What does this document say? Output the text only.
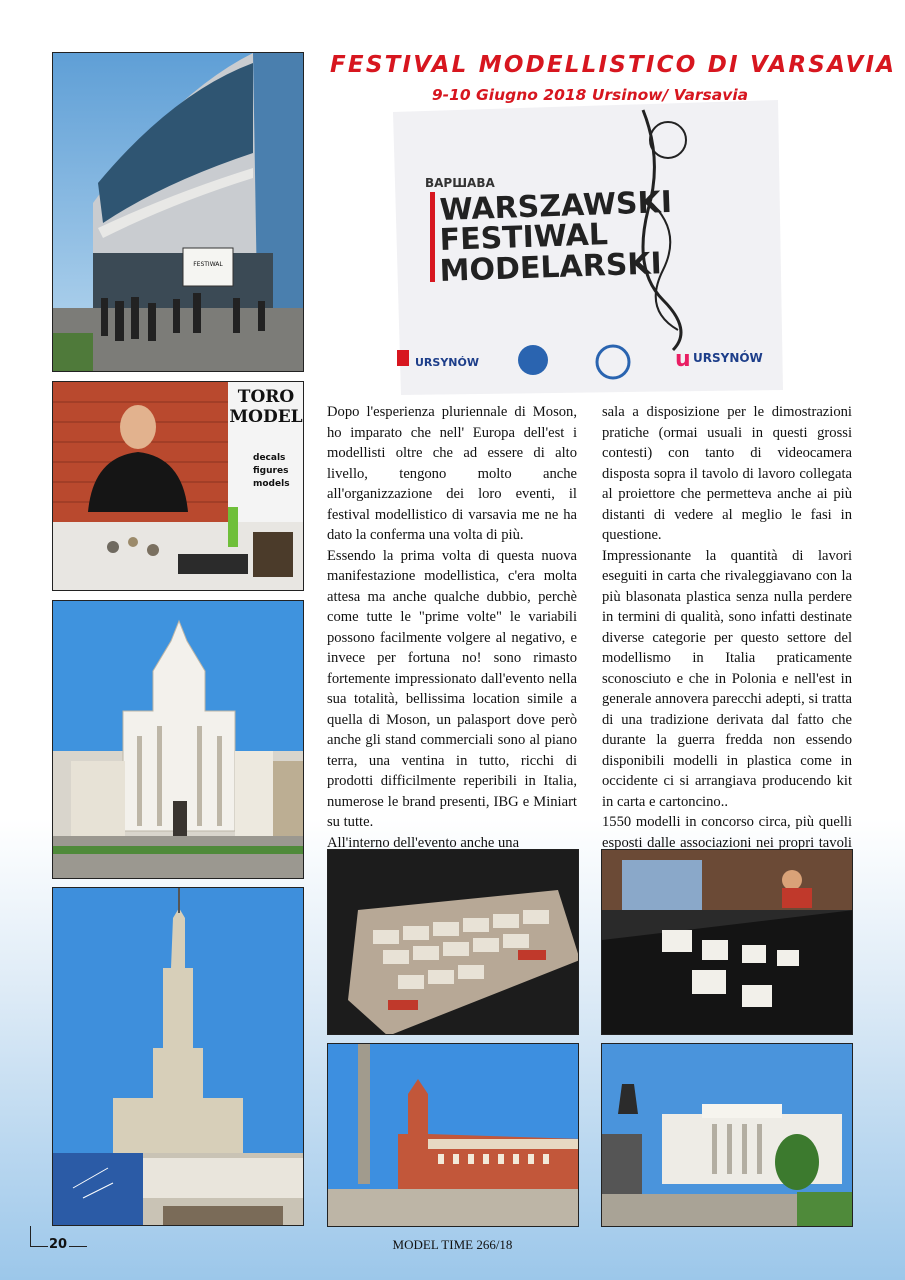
FESTIVAL MODELLISTICO DI VARSAVIA
9-10 Giugno 2018 Ursinow/ Varsavia
FESTIWAL
ВАРШАВА
WARSZAWSKI
FESTIWAL
MODELARSKI
URSYNÓW	u URSYNÓW
TORO
MODEL
decals
figures
models

Dopo l'esperienza pluriennale di Moson, ho imparato che nell' Europa dell'est i modellisti oltre che ad essere di alto livello, tengono molto anche all'organizzazione dei loro eventi, il festival modellistico di varsavia me ne ha dato la conferma una volta di più.

Essendo la prima volta di questa nuova manifestazione modellistica, c'era molta attesa ma anche qualche dubbio, perchè come tutte le "prime volte" le variabili possono facilmente volgere al negativo, e invece per fortuna no! sono rimasto fortemente impressionato dall'evento nella sua totalità, bellissima location simile a quella di Moson, un palasport dove però anche gli stand commerciali sono al piano terra, una ventina in tutto, ricchi di prodotti difficilmente reperibili in Italia, numerose le brand presenti, IBG e Miniart su tutte.

All'interno dell'evento anche una

sala a disposizione per le dimostrazioni pratiche (ormai usuali in questi grossi contesti) con tanto di videocamera disposta sopra il tavolo di lavoro collegata al proiettore che permetteva anche ai più distanti di vedere al meglio le fasi in questione.

Impressionante la quantità di lavori eseguiti in carta che rivaleggiavano con la più blasonata plastica senza nulla perdere in termini di qualità, sono infatti destinate diverse categorie per questo settore del modellismo in Italia praticamente sconosciuto e che in Polonia e nell'est in generale annovera parecchi adepti, si tratta di una tradizione derivata dal fatto che durante la guerra fredda non essendo disponibili modelli in plastica come in occidente ci si arrangiava producendo kit in carta e cartoncino..

1550 modelli in concorso circa, più quelli esposti dalle associazioni nei propri tavoli

20	MODEL TIME 266/18
